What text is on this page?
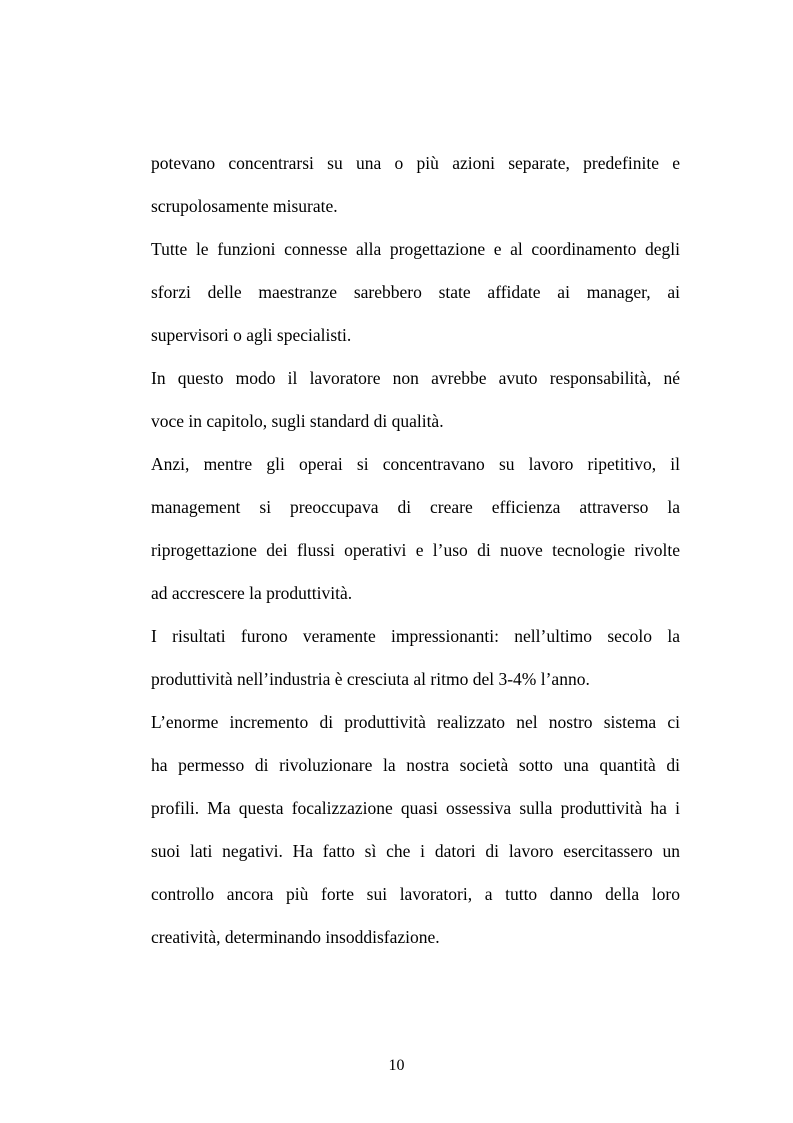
potevano concentrarsi su una o più azioni separate, predefinite e
scrupolosamente misurate.
Tutte le funzioni connesse alla progettazione e al coordinamento degli
sforzi delle maestranze sarebbero state affidate ai manager, ai
supervisori o agli specialisti.
In questo modo il lavoratore non avrebbe avuto responsabilità, né
voce in capitolo, sugli standard di qualità.
Anzi, mentre gli operai si concentravano su lavoro ripetitivo, il
management si preoccupava di creare efficienza attraverso la
riprogettazione dei flussi operativi e l’uso di nuove tecnologie rivolte
ad accrescere la produttività.
I risultati furono veramente impressionanti: nell’ultimo secolo la
produttività nell’industria è cresciuta al ritmo del 3-4% l’anno.
L’enorme incremento di produttività realizzato nel nostro sistema ci
ha permesso di rivoluzionare la nostra società sotto una quantità di
profili. Ma questa focalizzazione quasi ossessiva sulla produttività ha i
suoi lati negativi. Ha fatto sì che i datori di lavoro esercitassero un
controllo ancora più forte sui lavoratori, a tutto danno della loro
creatività, determinando insoddisfazione.
10
